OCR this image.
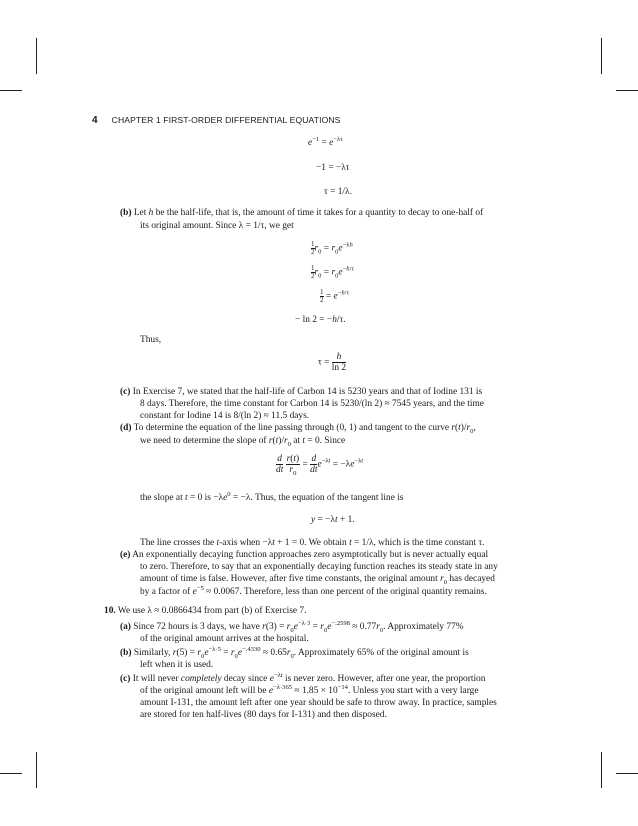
4 CHAPTER 1 FIRST-ORDER DIFFERENTIAL EQUATIONS
$e^{-1} = e^{-\lambda\tau}$
−1 = −λτ
τ = 1/λ.
(b) Let h be the half-life, that is, the amount of time it takes for a quantity to decay to one-half of
its original amount. Since λ = 1/τ, we get
$\frac{1}{2} r_0 = r_0e^{-\lambda h}$
$\frac{1}{2} r_0 = r_0e^{-h/\tau}$
$\frac{1}{2} = e^{-h/\tau}$
− ln 2 = −h/τ.
Thus,
$\tau = \frac{h}{\ln 2}$
(c) In Exercise 7, we stated that the half-life of Carbon 14 is 5230 years and that of Iodine 131 is
8 days. Therefore, the time constant for Carbon 14 is 5230/(ln 2) ≈ 7545 years, and the time
constant for Iodine 14 is 8/(ln 2) ≈ 11.5 days.
(d) To determine the equation of the line passing through (0, 1) and tangent to the curve $r(t)/r_0$,
we need to determine the slope of $r(t)/r_0$ at t = 0. Since
$\frac{d}{dt}$
$\frac{r(t)}{r_0} = \frac{d}{dt} e^{-\lambda t} = -\lambda e^{-\lambda t}$
the slope at t = 0 is $-\lambda e^0 = -\lambda$. Thus, the equation of the tangent line is
y = −λt + 1.
The line crosses the t-axis when −λt + 1 = 0. We obtain t = 1/λ, which is the time constant τ.
(e) An exponentially decaying function approaches zero asymptotically but is never actually equal
to zero. Therefore, to say that an exponentially decaying function reaches its steady state in any
amount of time is false. However, after five time constants, the original amount $r_0$ has decayed
by a factor of $e^{-5} \approx 0.0067$. Therefore, less than one percent of the original quantity remains.
10. We use λ ≈ 0.0866434 from part (b) of Exercise 7.
(a) Since 72 hours is 3 days, we have $r(3) = r_0e^{-\lambda\cdot 3} = r_0e^{-.2598} \approx 0.77r_0$. Approximately 77%
of the original amount arrives at the hospital.
(b) Similarly, $r(5) = r_0e^{-\lambda\cdot 5} = r_0e^{-.4330} \approx 0.65r_0$. Approximately 65% of the original amount is
left when it is used.
(c) It will never completely decay since $e^{-\lambda t}$ is never zero. However, after one year, the proportion
of the original amount left will be $e^{-\lambda\cdot 365} \approx 1.85 \times 10^{-14}$. Unless you start with a very large
amount I-131, the amount left after one year should be safe to throw away. In practice, samples
are stored for ten half-lives (80 days for I-131) and then disposed.
